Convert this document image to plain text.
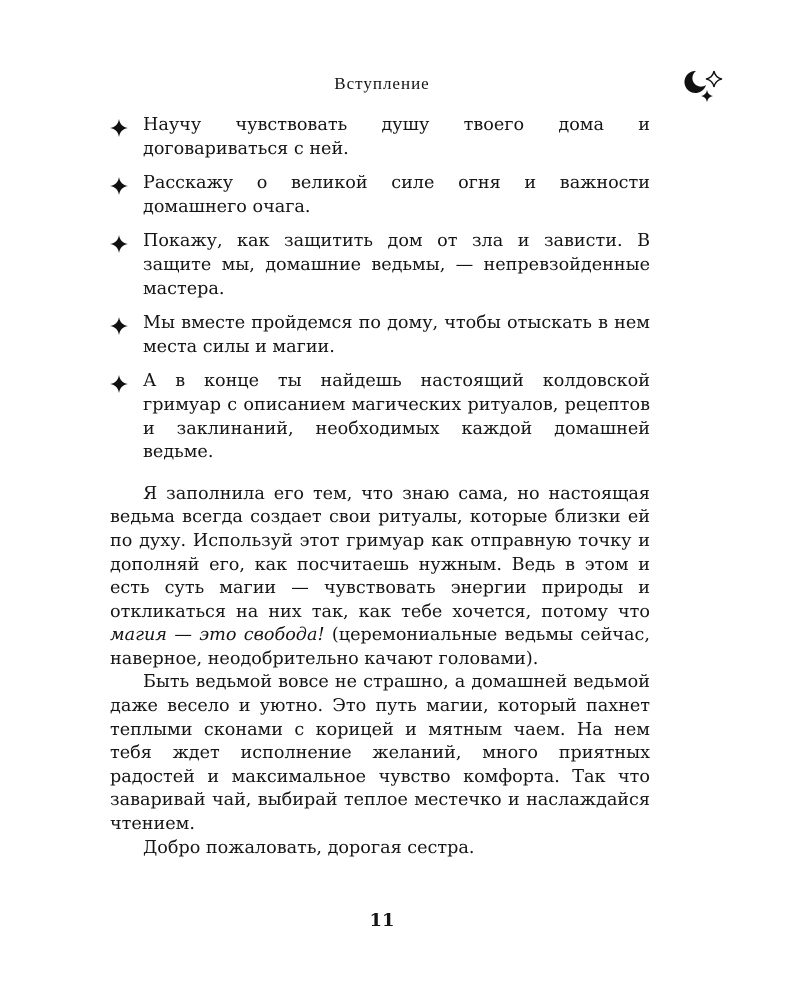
Вступление
Научу чувствовать душу твоего дома и договариваться с ней.
Расскажу о великой силе огня и важности домашнего очага.
Покажу, как защитить дом от зла и зависти. В защите мы, домашние ведьмы, — непревзойденные мастера.
Мы вместе пройдемся по дому, чтобы отыскать в нем места силы и магии.
А в конце ты найдешь настоящий колдовской гримуар с описанием магических ритуалов, рецептов и заклинаний, необходимых каждой домашней ведьме.

Я заполнила его тем, что знаю сама, но настоящая ведьма всегда создает свои ритуалы, которые близки ей по духу. Используй этот гримуар как отправную точку и дополняй его, как посчитаешь нужным. Ведь в этом и есть суть магии — чувствовать энергии природы и откликаться на них так, как тебе хочется, потому что магия — это свобода! (церемониальные ведьмы сейчас, наверное, неодобрительно качают головами).

Быть ведьмой вовсе не страшно, а домашней ведьмой даже весело и уютно. Это путь магии, который пахнет теплыми сконами с корицей и мятным чаем. На нем тебя ждет исполнение желаний, много приятных радостей и максимальное чувство комфорта. Так что заваривай чай, выбирай теплое местечко и наслаждайся чтением.

Добро пожаловать, дорогая сестра.

11
